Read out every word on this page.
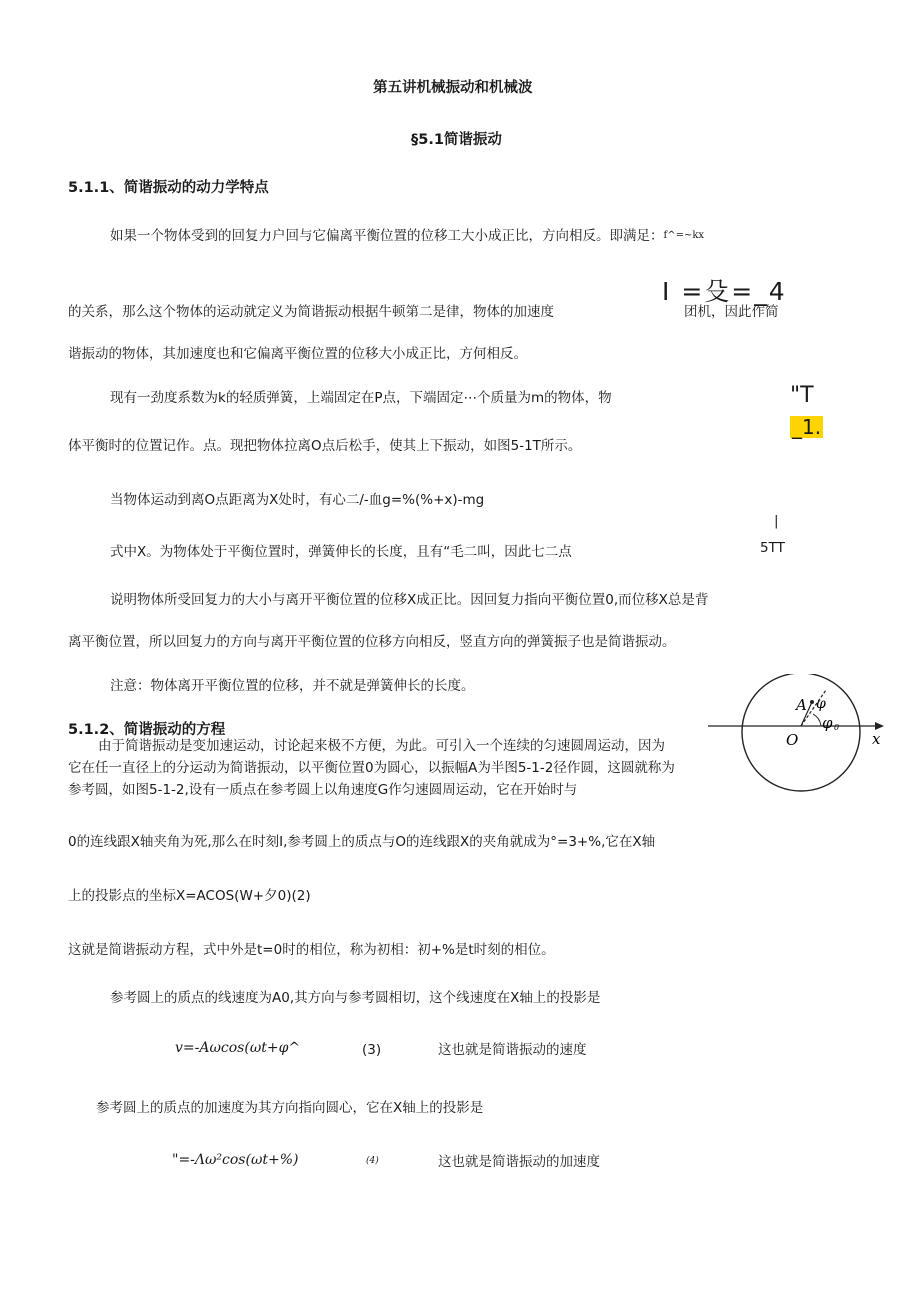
第五讲机械振动和机械波
§5.1简谐振动
5.1.1、简谐振动的动力学特点
如果一个物体受到的回复力户回与它偏离平衡位置的位移工大小成正比，方向相反。即满足：f^=~kx
I =殳=_4
的关系，那么这个物体的运动就定义为简谐振动根据牛顿第二是律，物体的加速度	团机，因此作简
谐振动的物体，其加速度也和它偏离平衡位置的位移大小成正比，方何相反。
现有一劲度系数为k的轻质弹簧，上端固定在P点，下端固定⋯个质量为m的物体，物	"T
_1.
体平衡时的位置记作。点。现把物体拉离O点后松手，使其上下振动，如图5-1T所示。
当物体运动到离O点距离为X处时，有心二/-血g=%(%+x)-mg
|
式中X。为物体处于平衡位置时，弹簧伸长的长度，且有“毛二叫，因此七二点	5TT
说明物体所受回复力的大小与离开平衡位置的位移X成正比。因回复力指向平衡位置0,而位移X总是背
离平衡位置，所以回复力的方向与离开平衡位置的位移方向相反，竖直方向的弹簧振子也是简谐振动。
注意：物体离开平衡位置的位移，并不就是弹簧伸长的长度。
A φ
φ 0
O	x
5.1.2、简谐振动的方程
由于简谐振动是变加速运动，讨论起来极不方便，为此。可引入一个连续的匀速圆周运动，因为
它在任一直径上的分运动为简谐振动，以平衡位置0为圆心，以振幅A为半图5-1-2径作圆，这圆就称为
参考圆，如图5-1-2,设有一质点在参考圆上以角速度G作匀速圆周运动，它在开始时与
0的连线跟X轴夹角为死,那么在时刻I,参考圆上的质点与O的连线跟X的夹角就成为°=3+%,它在X轴
上的投影点的坐标X=ACOS(W+夕0)(2)
这就是简谐振动方程，式中外是t=0时的相位，称为初相：初+%是t时刻的相位。
参考圆上的质点的线速度为A0,其方向与参考圆相切，这个线速度在X轴上的投影是
v=-Aωcos(ωt+φ^	(3)	这也就是简谐振动的速度
参考圆上的质点的加速度为其方向指向圆心，它在X轴上的投影是
"=-Λω²cos(ωt+%)	(4)	这也就是简谐振动的加速度
